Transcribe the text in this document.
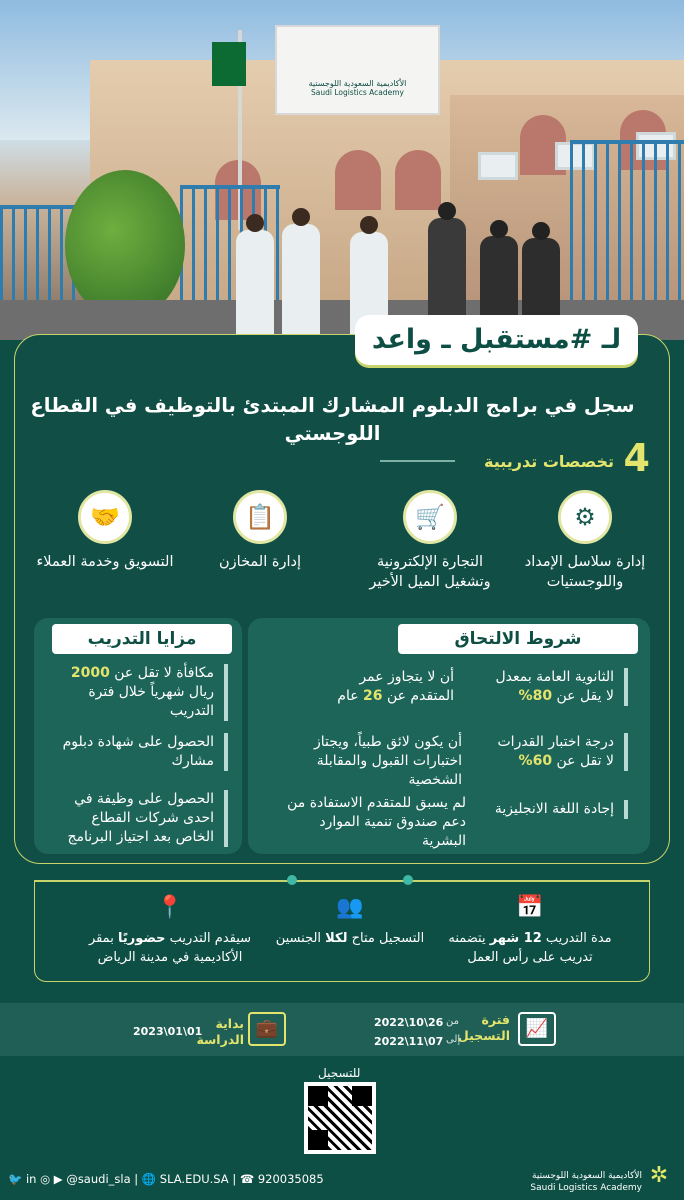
الأكاديمية السعودية اللوجستية
Saudi Logistics Academy
لـ #مستقبل ـ واعد
سجل في برامج الدبلوم المشارك المبتدئ بالتوظيف في القطاع اللوجستي
4
تخصصات تدريبية
⚙
إدارة سلاسل الإمداد واللوجستيات
🛒
التجارة الإلكترونية وتشغيل الميل الأخير
📋
إدارة المخازن
🤝
التسويق وخدمة العملاء
شروط الالتحاق
الثانوية العامة بمعدل لا يقل عن 80%
أن لا يتجاوز عمر المتقدم عن 26 عام
درجة اختبار القدرات لا تقل عن 60%
أن يكون لائق طبياً، ويجتاز اختبارات القبول والمقابلة الشخصية
إجادة اللغة الانجليزية
لم يسبق للمتقدم الاستفادة من دعم صندوق تنمية الموارد البشرية
مزايا التدريب
مكافأة لا تقل عن 2000 ريال شهرياً خلال فترة التدريب
الحصول على شهادة دبلوم مشارك
الحصول على وظيفة في احدى شركات القطاع الخاص بعد اجتياز البرنامج
📅
مدة التدريب 12 شهر يتضمنه تدريب على رأس العمل
👥
التسجيل متاح لكلا الجنسين
📍
سيقدم التدريب حضوريًا بمقر الأكاديمية في مدينة الرياض
📈
فترة
التسجيل
من
إلى
2022\10\26
2022\11\07
💼
بداية
الدراسة
2023\01\01
للتسجيل
🐦 in ◎ ▶ @saudi_sla | 🌐 SLA.EDU.SA | ☎ 920035085	الأكاديمية السعودية اللوجستية
Saudi Logistics Academy ✲
